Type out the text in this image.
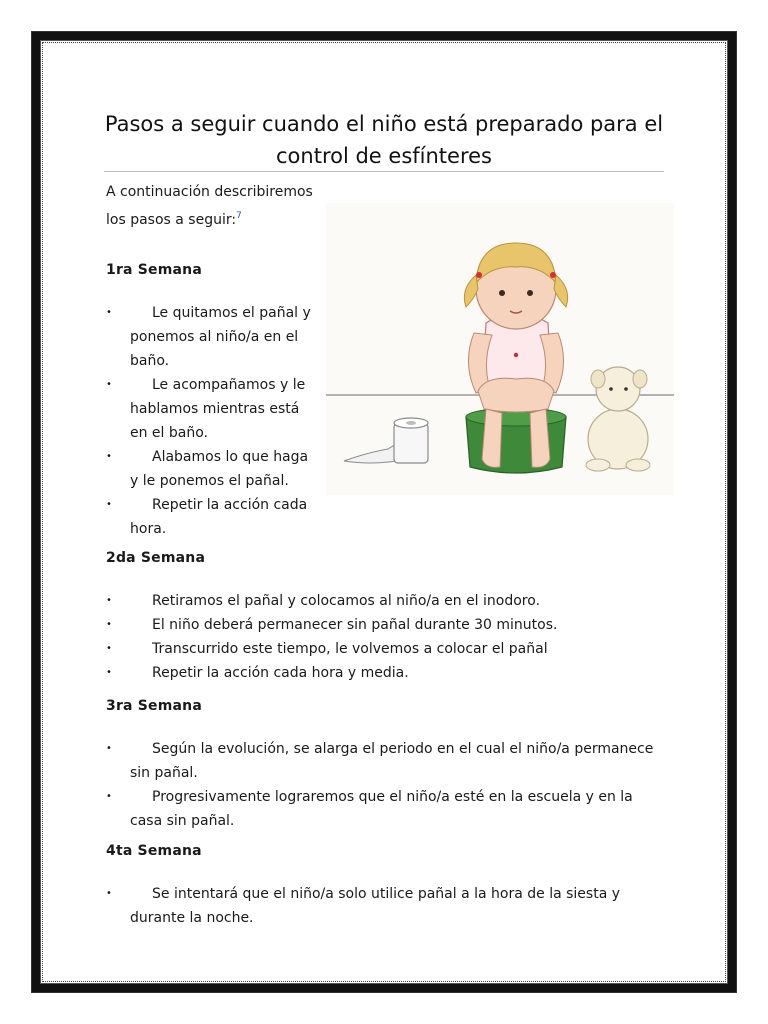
Pasos a seguir cuando el niño está preparado para el control de esfínteres
A continuación describiremos los pasos a seguir:$^7$
1ra Semana
•	Le quitamos el pañal y ponemos al niño/a en el baño.
•	Le acompañamos y le hablamos mientras está en el baño.
•	Alabamos lo que haga y le ponemos el pañal.
•	Repetir la acción cada hora.
2da Semana
•	Retiramos el pañal y colocamos al niño/a en el inodoro.
•	El niño deberá permanecer sin pañal durante 30 minutos.
•	Transcurrido este tiempo, le volvemos a colocar el pañal
•	Repetir la acción cada hora y media.
3ra Semana
•	Según la evolución, se alarga el periodo en el cual el niño/a permanece sin pañal.
•	Progresivamente lograremos que el niño/a esté en la escuela y en la casa sin pañal.
4ta Semana
•	Se intentará que el niño/a solo utilice pañal a la hora de la siesta y durante la noche.
